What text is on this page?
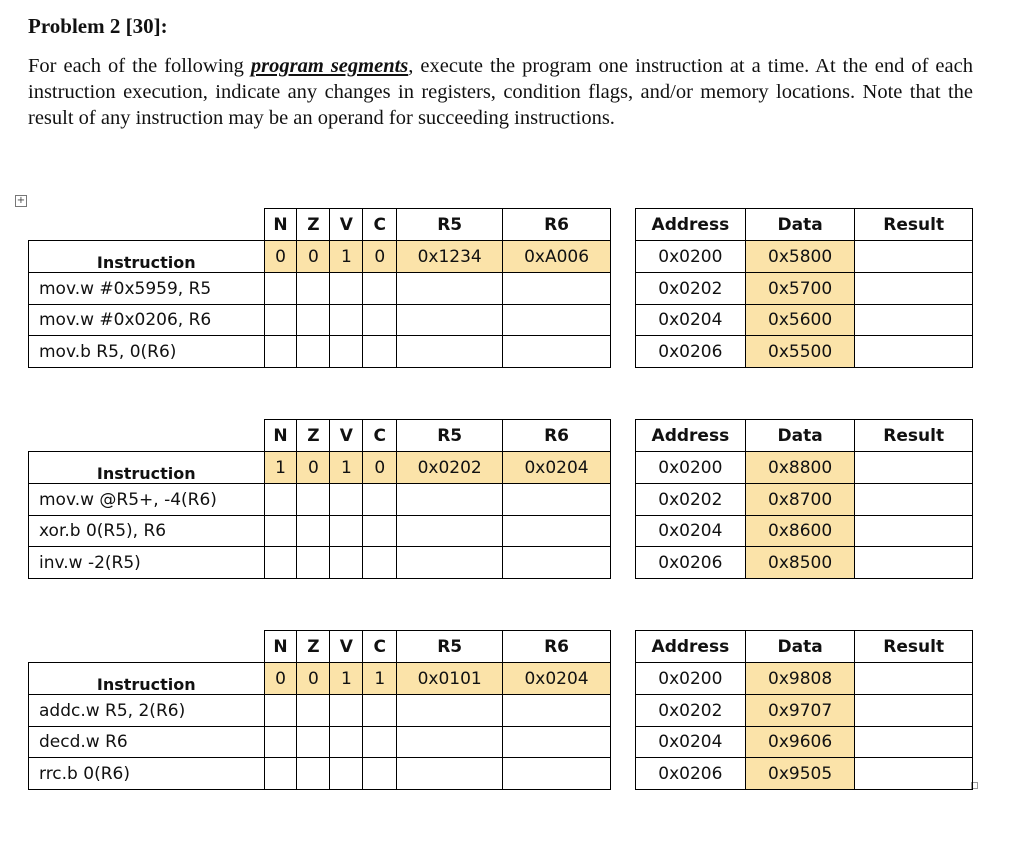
Problem 2 [30]:
For each of the following program segments, execute the program one instruction at a time. At the end of each instruction execution, indicate any changes in registers, condition flags, and/or memory locations. Note that the result of any instruction may be an operand for succeeding instructions.
+
	N	Z	V	C	R5	R6
Instruction	0	0	1	0	0x1234	0xA006
mov.w #0x5959, R5						
mov.w #0x0206, R6						
mov.b R5, 0(R6)						
Address	Data	Result
0x0200	0x5800	
0x0202	0x5700	
0x0204	0x5600	
0x0206	0x5500	
	N	Z	V	C	R5	R6
Instruction	1	0	1	0	0x0202	0x0204
mov.w @R5+, -4(R6)						
xor.b 0(R5), R6						
inv.w -2(R5)						
Address	Data	Result
0x0200	0x8800	
0x0202	0x8700	
0x0204	0x8600	
0x0206	0x8500	
	N	Z	V	C	R5	R6
Instruction	0	0	1	1	0x0101	0x0204
addc.w R5, 2(R6)						
decd.w R6						
rrc.b 0(R6)						
Address	Data	Result
0x0200	0x9808	
0x0202	0x9707	
0x0204	0x9606	
0x0206	0x9505	
